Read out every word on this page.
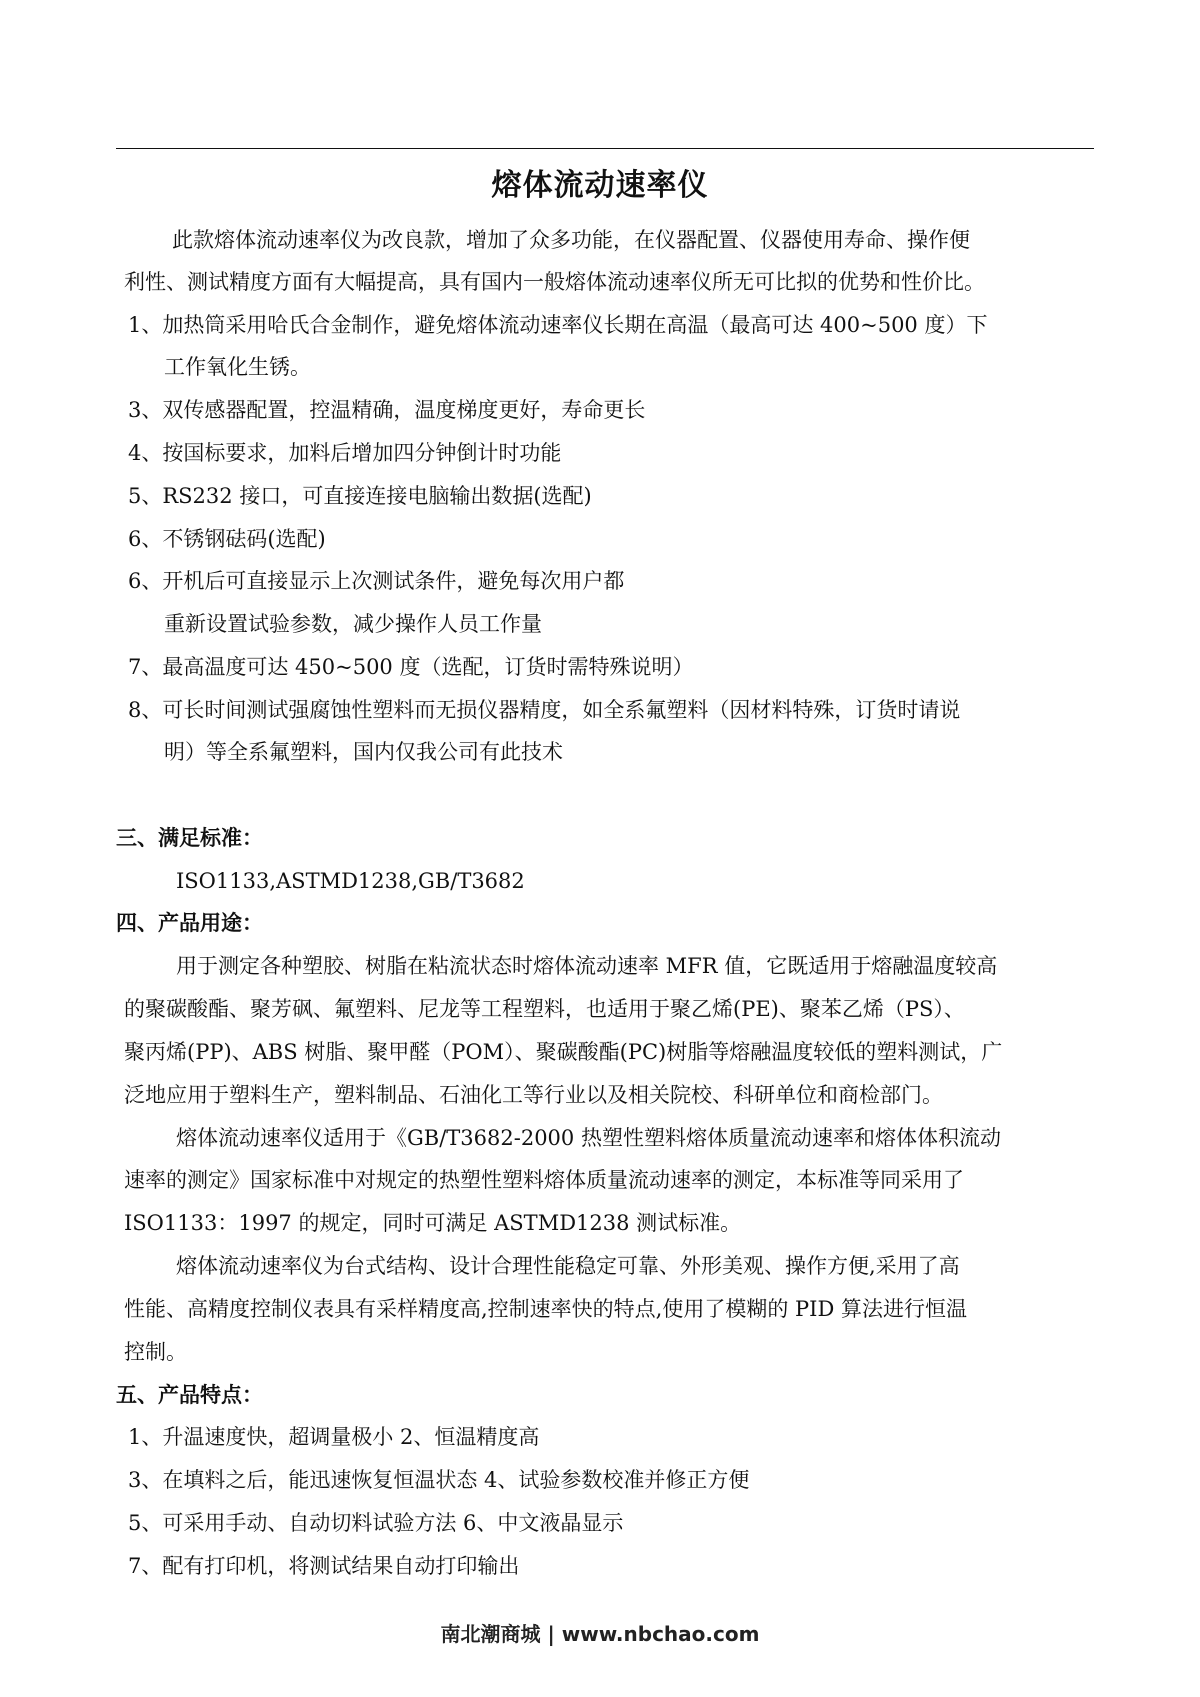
熔体流动速率仪
此款熔体流动速率仪为改良款，增加了众多功能，在仪器配置、仪器使用寿命、操作便
利性、测试精度方面有大幅提高，具有国内一般熔体流动速率仪所无可比拟的优势和性价比。
1、加热筒采用哈氏合金制作，避免熔体流动速率仪长期在高温（最高可达 400~500 度）下
工作氧化生锈。
3、双传感器配置，控温精确，温度梯度更好，寿命更长
4、按国标要求，加料后增加四分钟倒计时功能
5、RS232 接口，可直接连接电脑输出数据(选配)
6、不锈钢砝码(选配)
6、开机后可直接显示上次测试条件，避免每次用户都
重新设置试验参数，减少操作人员工作量
7、最高温度可达 450~500 度（选配，订货时需特殊说明）
8、可长时间测试强腐蚀性塑料而无损仪器精度，如全系氟塑料（因材料特殊，订货时请说
明）等全系氟塑料，国内仅我公司有此技术
三、满足标准：
ISO1133,ASTMD1238,GB/T3682
四、产品用途：
用于测定各种塑胶、树脂在粘流状态时熔体流动速率 MFR 值，它既适用于熔融温度较高
的聚碳酸酯、聚芳砜、氟塑料、尼龙等工程塑料，也适用于聚乙烯(PE)、聚苯乙烯（PS）、
聚丙烯(PP)、ABS 树脂、聚甲醛（POM）、聚碳酸酯(PC)树脂等熔融温度较低的塑料测试，广
泛地应用于塑料生产，塑料制品、石油化工等行业以及相关院校、科研单位和商检部门。
熔体流动速率仪适用于《GB/T3682-2000 热塑性塑料熔体质量流动速率和熔体体积流动
速率的测定》国家标准中对规定的热塑性塑料熔体质量流动速率的测定，本标准等同采用了
ISO1133：1997 的规定，同时可满足 ASTMD1238 测试标准。
熔体流动速率仪为台式结构、设计合理性能稳定可靠、外形美观、操作方便,采用了高
性能、高精度控制仪表具有采样精度高,控制速率快的特点,使用了模糊的 PID 算法进行恒温
控制。
五、产品特点：
1、升温速度快，超调量极小 2、恒温精度高
3、在填料之后，能迅速恢复恒温状态 4、试验参数校准并修正方便
5、可采用手动、自动切料试验方法 6、中文液晶显示
7、配有打印机，将测试结果自动打印输出
南北潮商城 | www.nbchao.com
